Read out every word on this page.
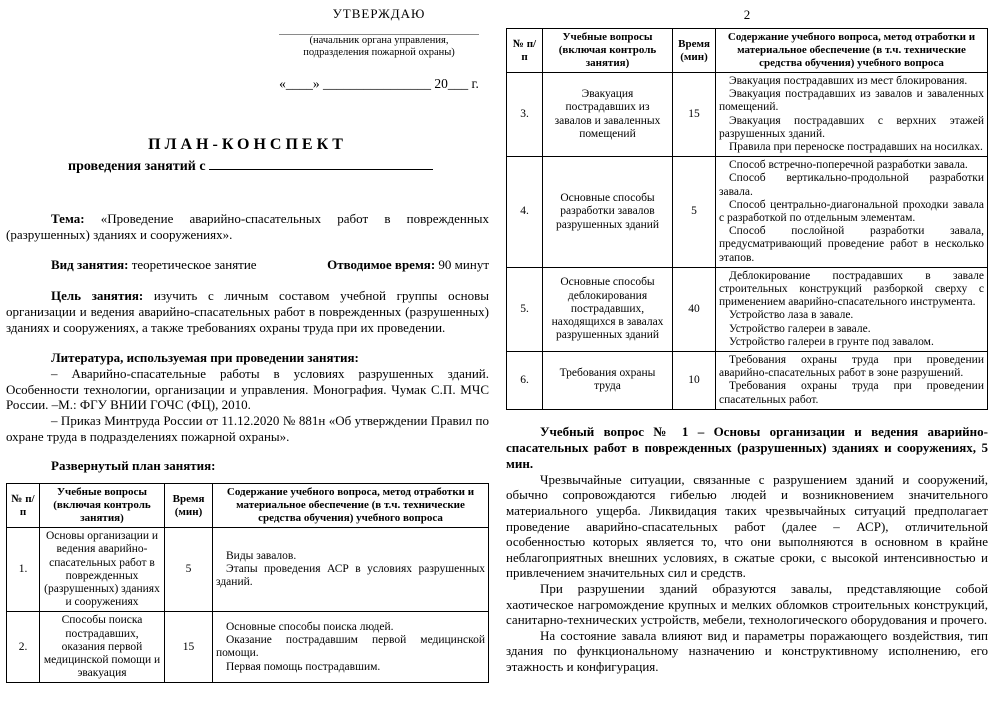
УТВЕРЖДАЮ
(начальник органа управления,
подразделения пожарной охраны)
«____» ________________ 20___ г.
ПЛАН-КОНСПЕКТ
проведения занятий с

Тема: «Проведение аварийно-спасательных работ в поврежденных (разрушенных) зданиях и сооружениях».

Вид занятия: теоретическое занятие	Отводимое время: 90 минут

Цель занятия: изучить с личным составом учебной группы основы организации и ведения аварийно-спасательных работ в поврежденных (разрушенных) зданиях и сооружениях, а также требованиях охраны труда при их проведении.

Литература, используемая при проведении занятия:

– Аварийно-спасательные работы в условиях разрушенных зданий. Особенности технологии, организации и управления. Монография. Чумак С.П. МЧС России. –М.: ФГУ ВНИИ ГОЧС (ФЦ), 2010.

– Приказ Минтруда России от 11.12.2020 № 881н «Об утверждении Правил по охране труда в подразделениях пожарной охраны».

Развернутый план занятия:

№ п/п	Учебные вопросы (включая контроль занятия)	Время (мин)	Содержание учебного вопроса, метод отработки и материальное обеспечение (в т.ч. технические средства обучения) учебного вопроса
1.	Основы организации и ведения аварийно-спасательных работ в поврежденных (разрушенных) зданиях и сооружениях	5	Виды завалов.

Этапы проведения АСР в условиях разрушенных зданий.

2.	Способы поиска пострадавших, оказания первой медицинской помощи и эвакуация	15	Основные способы поиска людей.

Оказание пострадавшим первой медицинской помощи.

Первая помощь пострадавшим.

2
№ п/п	Учебные вопросы (включая контроль занятия)	Время (мин)	Содержание учебного вопроса, метод отработки и материальное обеспечение (в т.ч. технические средства обучения) учебного вопроса
3.	Эвакуация пострадавших из завалов и заваленных помещений	15	Эвакуация пострадавших из мест блокирования.

Эвакуация пострадавших из завалов и заваленных помещений.

Эвакуация пострадавших с верхних этажей разрушенных зданий.

Правила при переноске пострадавших на носилках.

4.	Основные способы разработки завалов разрушенных зданий	5	Способ встречно-поперечной разработки завала.

Способ вертикально-продольной разработки завала.

Способ центрально-диагональной проходки завала с разработкой по отдельным элементам.

Способ послойной разработки завала, предусматривающий проведение работ в несколько этапов.

5.	Основные способы деблокирования пострадавших, находящихся в завалах разрушенных зданий	40	Деблокирование пострадавших в завале строительных конструкций разборкой сверху с применением аварийно-спасательного инструмента.

Устройство лаза в завале.

Устройство галереи в завале.

Устройство галереи в грунте под завалом.

6.	Требования охраны труда	10	Требования охраны труда при проведении аварийно-спасательных работ в зоне разрушений.

Требования охраны труда при проведении спасательных работ.

Учебный вопрос № 1 – Основы организации и ведения аварийно-спасательных работ в поврежденных (разрушенных) зданиях и сооружениях, 5 мин.

Чрезвычайные ситуации, связанные с разрушением зданий и сооружений, обычно сопровождаются гибелью людей и возникновением значительного материального ущерба. Ликвидация таких чрезвычайных ситуаций предполагает проведение аварийно-спасательных работ (далее – АСР), отличительной особенностью которых является то, что они выполняются в основном в крайне неблагоприятных внешних условиях, в сжатые сроки, с высокой интенсивностью и привлечением значительных сил и средств.

При разрушении зданий образуются завалы, представляющие собой хаотическое нагромождение крупных и мелких обломков строительных конструкций, санитарно-технических устройств, мебели, технологического оборудования и прочего.

На состояние завала влияют вид и параметры поражающего воздействия, тип здания по функциональному назначению и конструктивному исполнению, его этажность и конфигурация.
